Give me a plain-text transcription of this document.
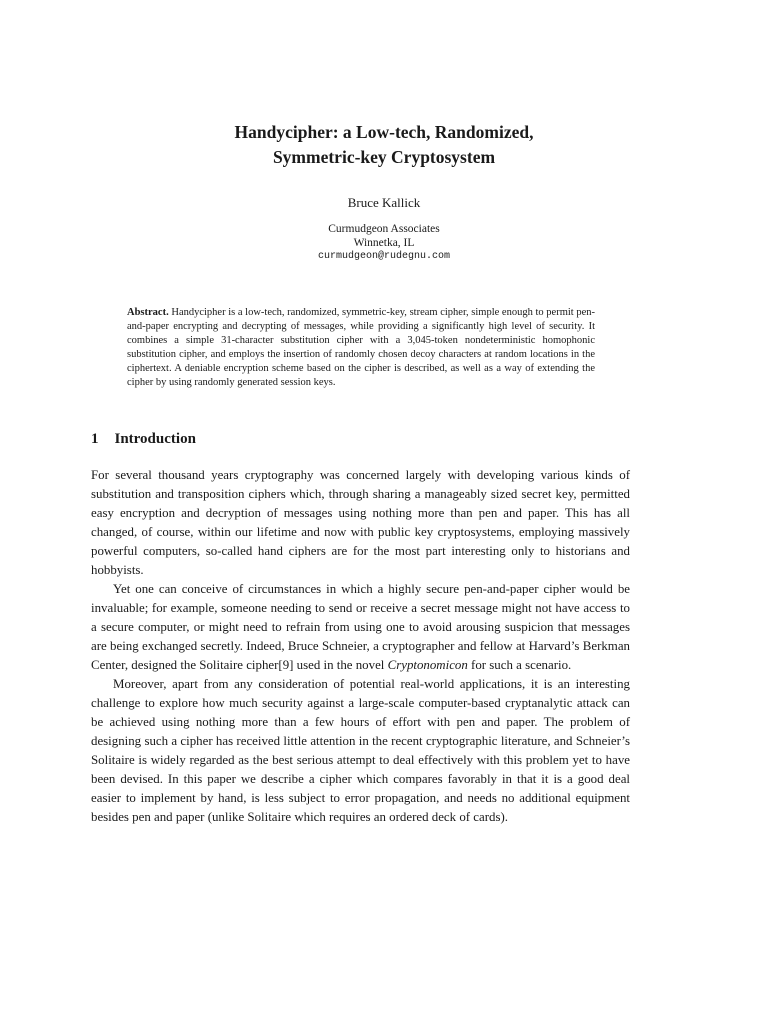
Handycipher: a Low-tech, Randomized,
Symmetric-key Cryptosystem
Bruce Kallick
Curmudgeon Associates
Winnetka, IL
curmudgeon@rudegnu.com
Abstract. Handycipher is a low-tech, randomized, symmetric-key, stream cipher, simple enough to permit pen-and-paper encrypting and decrypting of messages, while providing a significantly high level of security. It combines a simple 31-character substitution cipher with a 3,045-token nondeterministic homophonic substitution cipher, and employs the insertion of randomly chosen decoy characters at random locations in the ciphertext. A deniable encryption scheme based on the cipher is described, as well as a way of extending the cipher by using randomly generated session keys.
1 Introduction

For several thousand years cryptography was concerned largely with developing various kinds of substitution and transposition ciphers which, through sharing a manageably sized secret key, permitted easy encryption and decryption of messages using nothing more than pen and paper. This has all changed, of course, within our lifetime and now with public key cryptosystems, employing massively powerful computers, so-called hand ciphers are for the most part interesting only to historians and hobbyists.

Yet one can conceive of circumstances in which a highly secure pen-and-paper cipher would be invaluable; for example, someone needing to send or receive a secret message might not have access to a secure computer, or might need to refrain from using one to avoid arousing suspicion that messages are being exchanged secretly. Indeed, Bruce Schneier, a cryptographer and fellow at Harvard’s Berkman Center, designed the Solitaire cipher[9] used in the novel Cryptonomicon for such a scenario.

Moreover, apart from any consideration of potential real-world applications, it is an interesting challenge to explore how much security against a large-scale computer-based cryptanalytic attack can be achieved using nothing more than a few hours of effort with pen and paper. The problem of designing such a cipher has received little attention in the recent cryptographic literature, and Schneier’s Solitaire is widely regarded as the best serious attempt to deal effectively with this problem yet to have been devised. In this paper we describe a cipher which compares favorably in that it is a good deal easier to implement by hand, is less subject to error propagation, and needs no additional equipment besides pen and paper (unlike Solitaire which requires an ordered deck of cards).
